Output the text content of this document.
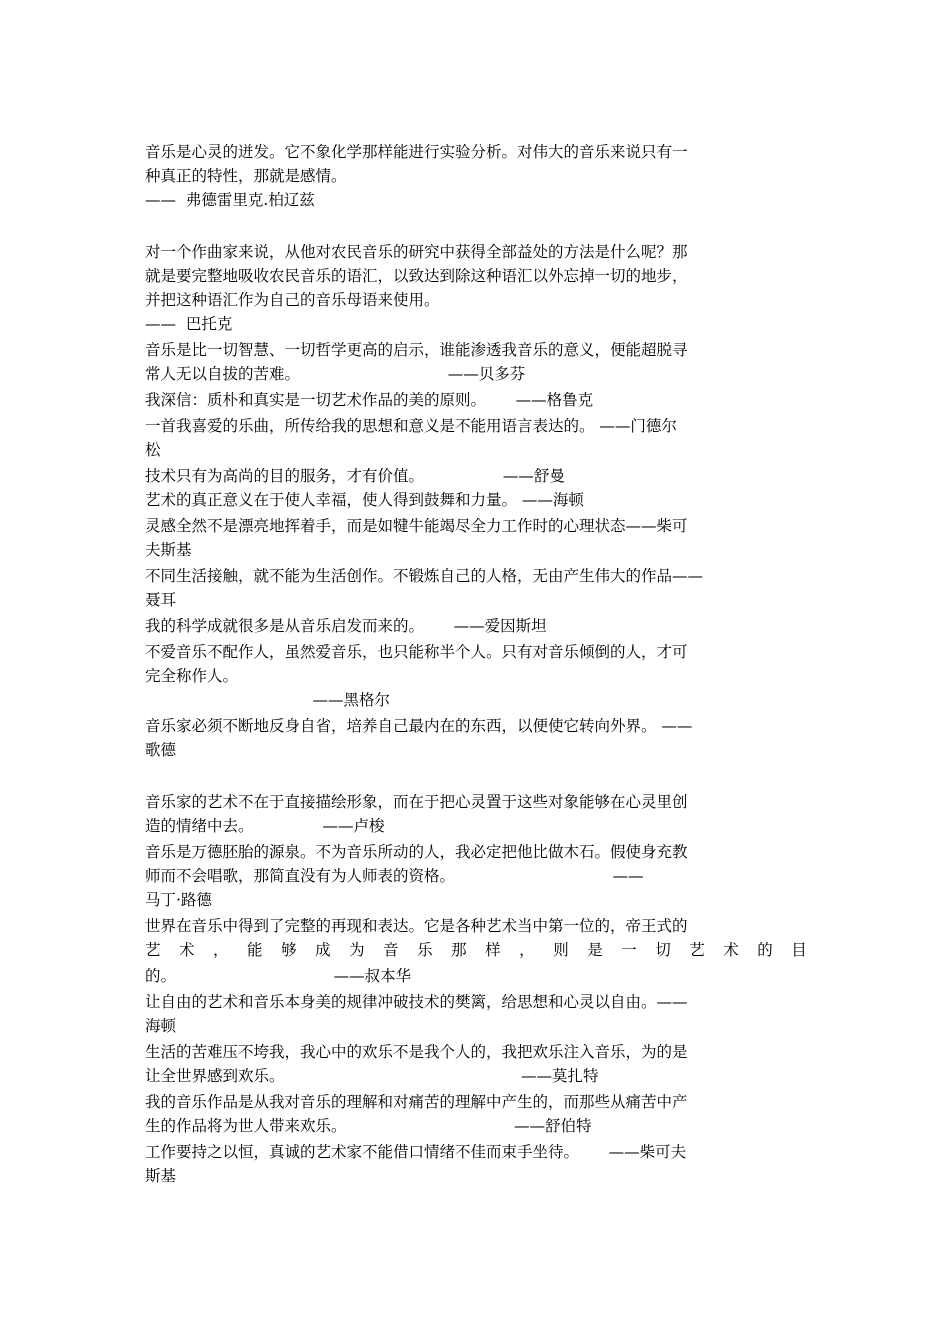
音乐是心灵的迸发。它不象化学那样能进行实验分析。对伟大的音乐来说只有一
种真正的特性，那就是感情。
——  弗德雷里克.柏辽兹
对一个作曲家来说，从他对农民音乐的研究中获得全部益处的方法是什么呢？那
就是要完整地吸收农民音乐的语汇，以致达到除这种语汇以外忘掉一切的地步，
并把这种语汇作为自己的音乐母语来使用。
——  巴托克
音乐是比一切智慧、一切哲学更高的启示，谁能渗透我音乐的意义，便能超脱寻
常人无以自拔的苦难。                              ——贝多芬
我深信：质朴和真实是一切艺术作品的美的原则。      ——格鲁克
一首我喜爱的乐曲，所传给我的思想和意义是不能用语言表达的。 ——门德尔
松
技术只有为高尚的目的服务，才有价值。                ——舒曼
艺术的真正意义在于使人幸福，使人得到鼓舞和力量。 ——海顿
灵感全然不是漂亮地挥着手，而是如犍牛能竭尽全力工作时的心理状态——柴可
夫斯基
不同生活接触，就不能为生活创作。不锻炼自己的人格，无由产生伟大的作品——
聂耳
我的科学成就很多是从音乐启发而来的。      ——爱因斯坦
不爱音乐不配作人，虽然爱音乐，也只能称半个人。只有对音乐倾倒的人，才可
完全称作人。
——黑格尔
音乐家必须不断地反身自省，培养自己最内在的东西，以便使它转向外界。 ——
歌德
音乐家的艺术不在于直接描绘形象，而在于把心灵置于这些对象能够在心灵里创
造的情绪中去。              ——卢梭
音乐是万德胚胎的源泉。不为音乐所动的人，我必定把他比做木石。假使身充教
师而不会唱歌，那简直没有为人师表的资格。                                ——
马丁·路德
世界在音乐中得到了完整的再现和表达。它是各种艺术当中第一位的，帝王式的
艺 术 ， 能 够 成 为 音 乐 那 样 ， 则 是 一 切 艺 术 的 目
的。                                ——叔本华
让自由的艺术和音乐本身美的规律冲破技术的樊篱，给思想和心灵以自由。——
海顿
生活的苦难压不垮我，我心中的欢乐不是我个人的，我把欢乐注入音乐，为的是
让全世界感到欢乐。                                                ——莫扎特
我的音乐作品是从我对音乐的理解和对痛苦的理解中产生的，而那些从痛苦中产
生的作品将为世人带来欢乐。                                  ——舒伯特
工作要持之以恒，真诚的艺术家不能借口情绪不佳而束手坐待。      ——柴可夫
斯基
